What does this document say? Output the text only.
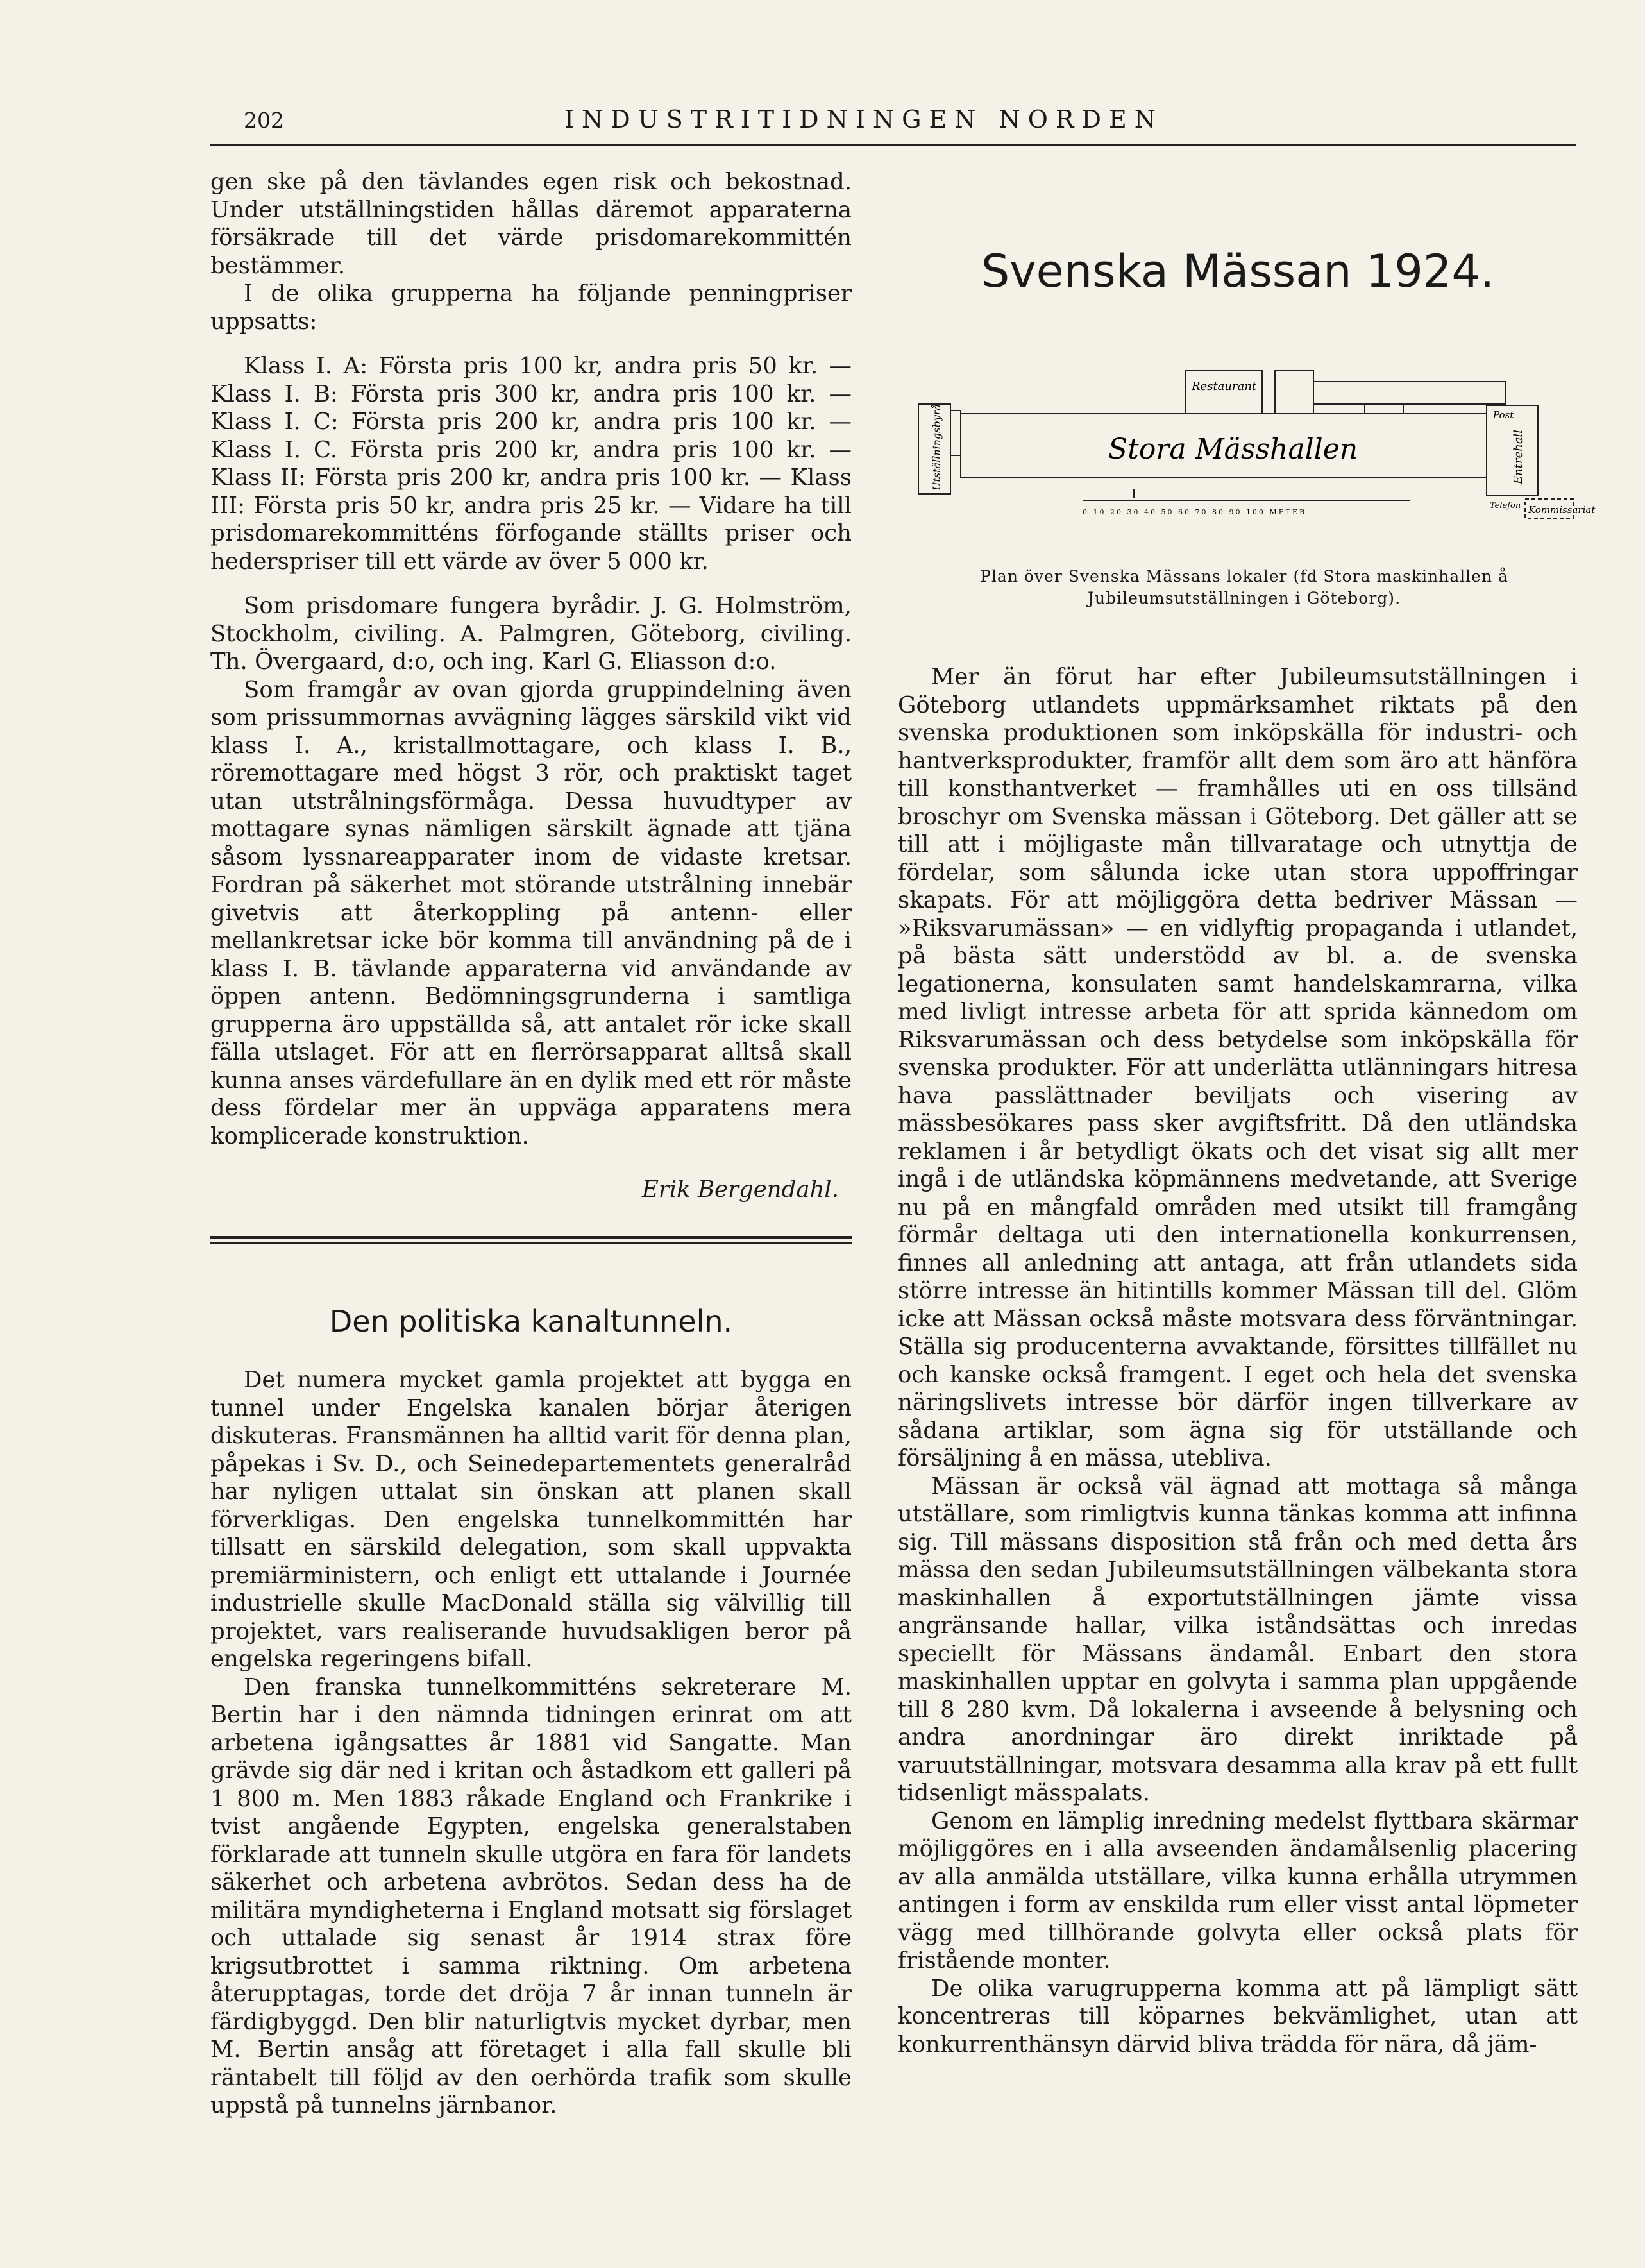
202	INDUSTRITIDNINGEN NORDEN

gen ske på den tävlandes egen risk och bekostnad. Under utställningstiden hållas däremot apparaterna försäkrade till det värde prisdomarekommittén bestämmer.

I de olika grupperna ha följande penningpriser uppsatts:

Klass I. A: Första pris 100 kr, andra pris 50 kr. — Klass I. B: Första pris 300 kr, andra pris 100 kr. — Klass I. C: Första pris 200 kr, andra pris 100 kr. — Klass I. C. Första pris 200 kr, andra pris 100 kr. — Klass II: Första pris 200 kr, andra pris 100 kr. — Klass III: Första pris 50 kr, andra pris 25 kr. — Vidare ha till prisdomarekommitténs förfogande ställts priser och hederspriser till ett värde av över 5 000 kr.

Som prisdomare fungera byrådir. J. G. Holmström, Stockholm, civiling. A. Palmgren, Göteborg, civiling. Th. Övergaard, d:o, och ing. Karl G. Eliasson d:o.

Som framgår av ovan gjorda gruppindelning även som prissummornas avvägning lägges särskild vikt vid klass I. A., kristallmottagare, och klass I. B., röremottagare med högst 3 rör, och praktiskt taget utan utstrålningsförmåga. Dessa huvudtyper av mottagare synas nämligen särskilt ägnade att tjäna såsom lyssnareapparater inom de vidaste kretsar. Fordran på säkerhet mot störande utstrålning innebär givetvis att återkoppling på antenn- eller mellankretsar icke bör komma till användning på de i klass I. B. tävlande apparaterna vid användande av öppen antenn. Bedömningsgrunderna i samtliga grupperna äro uppställda så, att antalet rör icke skall fälla utslaget. För att en flerrörsapparat alltså skall kunna anses värdefullare än en dylik med ett rör måste dess fördelar mer än uppväga apparatens mera komplicerade konstruktion.

Erik Bergendahl.
Den politiska kanaltunneln.

Det numera mycket gamla projektet att bygga en tunnel under Engelska kanalen börjar återigen diskuteras. Fransmännen ha alltid varit för denna plan, påpekas i Sv. D., och Seinedepartementets generalråd har nyligen uttalat sin önskan att planen skall förverkligas. Den engelska tunnelkommittén har tillsatt en särskild delegation, som skall uppvakta premiärministern, och enligt ett uttalande i Journée industrielle skulle MacDonald ställa sig välvillig till projektet, vars realiserande huvudsakligen beror på engelska regeringens bifall.

Den franska tunnelkommitténs sekreterare M. Bertin har i den nämnda tidningen erinrat om att arbetena igångsattes år 1881 vid Sangatte. Man grävde sig där ned i kritan och åstadkom ett galleri på 1 800 m. Men 1883 råkade England och Frankrike i tvist angående Egypten, engelska generalstaben förklarade att tunneln skulle utgöra en fara för landets säkerhet och arbetena avbrötos. Sedan dess ha de militära myndigheterna i England motsatt sig förslaget och uttalade sig senast år 1914 strax före krigsutbrottet i samma riktning. Om arbetena återupptagas, torde det dröja 7 år innan tunneln är färdigbyggd. Den blir naturligtvis mycket dyrbar, men M. Bertin ansåg att företaget i alla fall skulle bli räntabelt till följd av den oerhörda trafik som skulle uppstå på tunnelns järnbanor.

Svenska Mässan 1924.
Restaurant
Stora Mässhallen
Utställningsbyrå	Entrehall
Post
Telefon Kommissariat
0 10 20 30 40 50 60 70 80 90 100 METER
Plan över Svenska Mässans lokaler (fd Stora maskinhallen å Jubileumsutställningen i Göteborg).

Mer än förut har efter Jubileumsutställningen i Göteborg utlandets uppmärksamhet riktats på den svenska produktionen som inköpskälla för industri- och hantverksprodukter, framför allt dem som äro att hänföra till konsthantverket — framhålles uti en oss tillsänd broschyr om Svenska mässan i Göteborg. Det gäller att se till att i möjligaste mån tillvaratage och utnyttja de fördelar, som sålunda icke utan stora uppoffringar skapats. För att möjliggöra detta bedriver Mässan — »Riksvarumässan» — en vidlyftig propaganda i utlandet, på bästa sätt understödd av bl. a. de svenska legationerna, konsulaten samt handelskamrarna, vilka med livligt intresse arbeta för att sprida kännedom om Riksvarumässan och dess betydelse som inköpskälla för svenska produkter. För att underlätta utlänningars hitresa hava passlättnader beviljats och visering av mässbesökares pass sker avgiftsfritt. Då den utländska reklamen i år betydligt ökats och det visat sig allt mer ingå i de utländska köpmännens medvetande, att Sverige nu på en mångfald områden med utsikt till framgång förmår deltaga uti den internationella konkurrensen, finnes all anledning att antaga, att från utlandets sida större intresse än hitintills kommer Mässan till del. Glöm icke att Mässan också måste motsvara dess förväntningar. Ställa sig producenterna avvaktande, försittes tillfället nu och kanske också framgent. I eget och hela det svenska näringslivets intresse bör därför ingen tillverkare av sådana artiklar, som ägna sig för utställande och försäljning å en mässa, utebliva.

Mässan är också väl ägnad att mottaga så många utställare, som rimligtvis kunna tänkas komma att infinna sig. Till mässans disposition stå från och med detta års mässa den sedan Jubileumsutställningen välbekanta stora maskinhallen å exportutställningen jämte vissa angränsande hallar, vilka iståndsättas och inredas speciellt för Mässans ändamål. Enbart den stora maskinhallen upptar en golvyta i samma plan uppgående till 8 280 kvm. Då lokalerna i avseende å belysning och andra anordningar äro direkt inriktade på varuutställningar, motsvara desamma alla krav på ett fullt tidsenligt mässpalats.

Genom en lämplig inredning medelst flyttbara skärmar möjliggöres en i alla avseenden ändamålsenlig placering av alla anmälda utställare, vilka kunna erhålla utrymmen antingen i form av enskilda rum eller visst antal löpmeter vägg med tillhörande golvyta eller också plats för fristående monter.

De olika varugrupperna komma att på lämpligt sätt koncentreras till köparnes bekvämlighet, utan att konkurrenthänsyn därvid bliva trädda för nära, då jäm-
